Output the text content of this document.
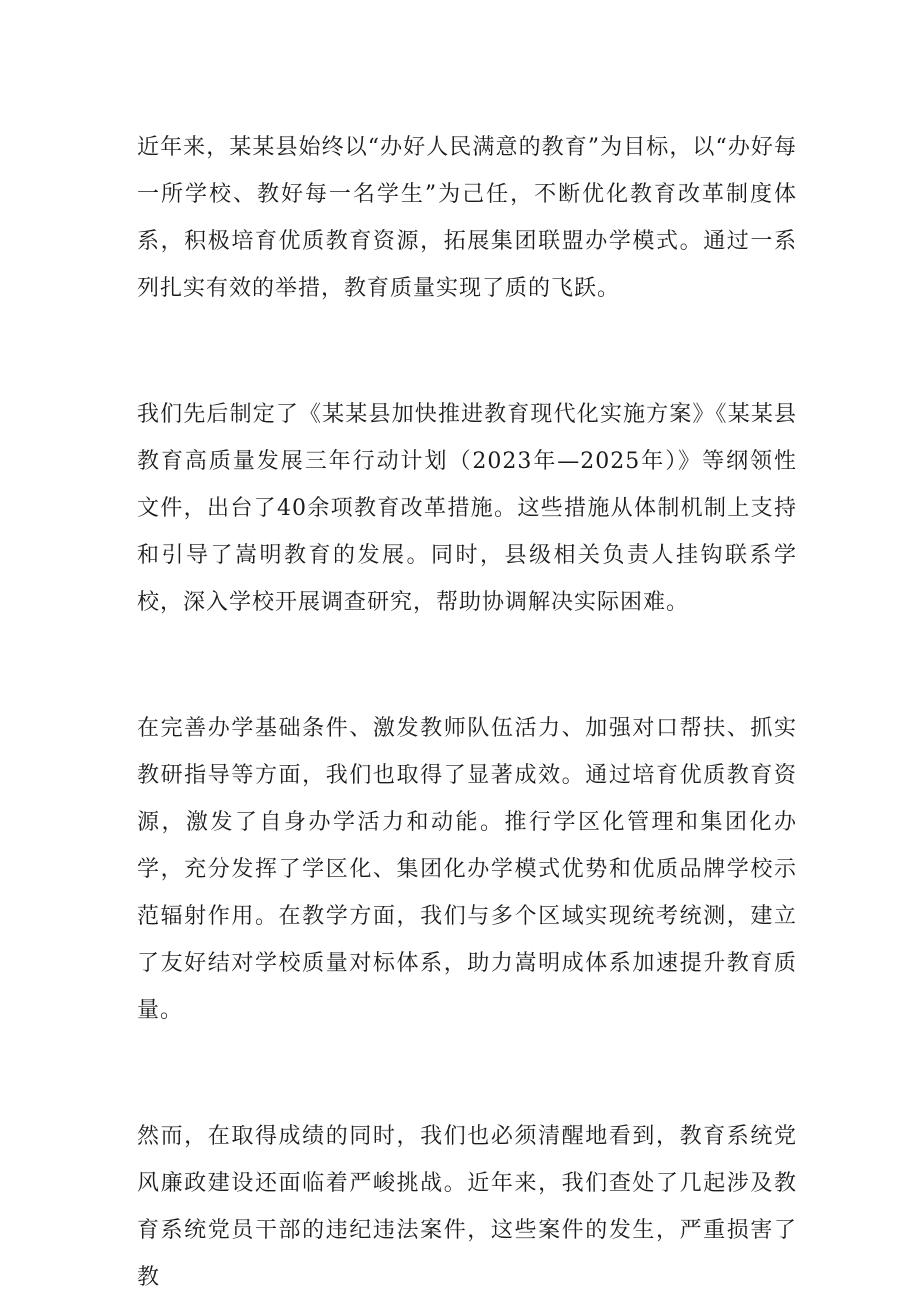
近年来，某某县始终以“办好人民满意的教育”为目标，以“办好每一所学校、教好每一名学生”为己任，不断优化教育改革制度体系，积极培育优质教育资源，拓展集团联盟办学模式。通过一系列扎实有效的举措，教育质量实现了质的飞跃。

我们先后制定了《某某县加快推进教育现代化实施方案》《某某县教育高质量发展三年行动计划（2023年—2025年）》等纲领性文件，出台了40余项教育改革措施。这些措施从体制机制上支持和引导了嵩明教育的发展。同时，县级相关负责人挂钩联系学校，深入学校开展调查研究，帮助协调解决实际困难。

在完善办学基础条件、激发教师队伍活力、加强对口帮扶、抓实教研指导等方面，我们也取得了显著成效。通过培育优质教育资源，激发了自身办学活力和动能。推行学区化管理和集团化办学，充分发挥了学区化、集团化办学模式优势和优质品牌学校示范辐射作用。在教学方面，我们与多个区域实现统考统测，建立了友好结对学校质量对标体系，助力嵩明成体系加速提升教育质量。

然而，在取得成绩的同时，我们也必须清醒地看到，教育系统党风廉政建设还面临着严峻挑战。近年来，我们查处了几起涉及教育系统党员干部的违纪违法案件，这些案件的发生，严重损害了教
